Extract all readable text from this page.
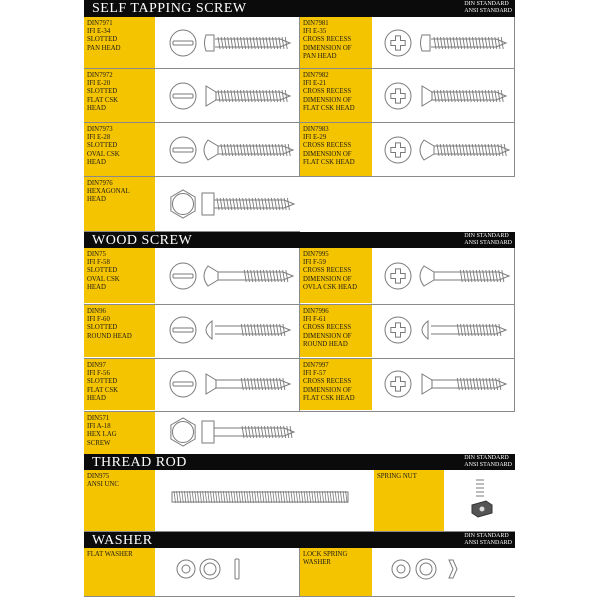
SELF TAPPING SCREW	DIN STANDARD
ANSI STANDARD
DIN7971
IFI E-34
SLOTTED
PAN HEAD
DIN7981
IFI E-35
CROSS RECESS
DIMENSION OF
PAN HEAD
DIN7972
IFI E-20
SLOTTED
FLAT CSK
HEAD
DIN7982
IFI E-21
CROSS RECESS
DIMENSION OF
FLAT CSK HEAD
DIN7973
IFI E-28
SLOTTED
OVAL CSK
HEAD
DIN7983
IFI E-29
CROSS RECESS
DIMENSION OF
FLAT CSK HEAD
DIN7976
HEXAGONAL
HEAD
WOOD SCREW	DIN STANDARD
ANSI STANDARD
DIN75
IFI F-58
SLOTTED
OVAL CSK
HEAD
DIN7995
IFI F-59
CROSS RECESS
DIMENSION OF
OVLA CSK HEAD
DIN96
IFI F-60
SLOTTED
ROUND HEAD
DIN7996
IFI F-61
CROSS RECESS
DIMENSION OF
ROUND HEAD
DIN97
IFI F-56
SLOTTED
FLAT CSK
HEAD
DIN7997
IFI F-57
CROSS RECESS
DIMENSION OF
FLAT CSK HEAD
DIN571
IFI A-18
HEX LAG
SCREW
THREAD ROD	DIN STANDARD
ANSI STANDARD
DIN975
ANSI UNC
SPRING NUT
WASHER	DIN STANDARD
ANSI STANDARD
FLAT WASHER	LOCK SPRING
WASHER
